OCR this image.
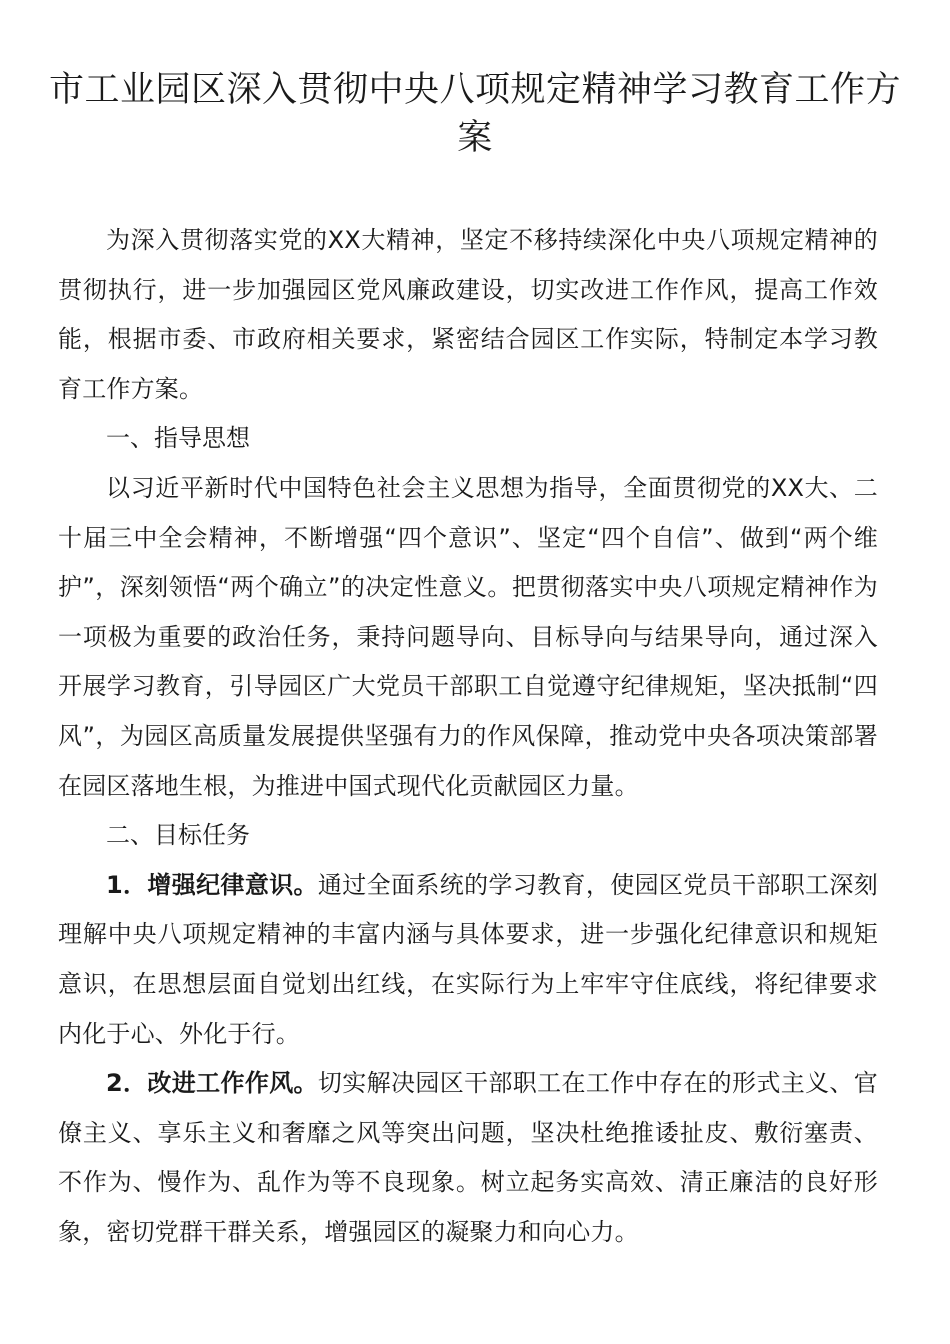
市工业园区深入贯彻中央八项规定精神学习教育工作方案

为深入贯彻落实党的XX大精神，坚定不移持续深化中央八项规定精神的贯彻执行，进一步加强园区党风廉政建设，切实改进工作作风，提高工作效能，根据市委、市政府相关要求，紧密结合园区工作实际，特制定本学习教育工作方案。

一、指导思想

以习近平新时代中国特色社会主义思想为指导，全面贯彻党的XX大、二十届三中全会精神，不断增强“四个意识”、坚定“四个自信”、做到“两个维护”，深刻领悟“两个确立”的决定性意义。把贯彻落实中央八项规定精神作为一项极为重要的政治任务，秉持问题导向、目标导向与结果导向，通过深入开展学习教育，引导园区广大党员干部职工自觉遵守纪律规矩，坚决抵制“四风”，为园区高质量发展提供坚强有力的作风保障，推动党中央各项决策部署在园区落地生根，为推进中国式现代化贡献园区力量。

二、目标任务

1．增强纪律意识。通过全面系统的学习教育，使园区党员干部职工深刻理解中央八项规定精神的丰富内涵与具体要求，进一步强化纪律意识和规矩意识，在思想层面自觉划出红线，在实际行为上牢牢守住底线，将纪律要求内化于心、外化于行。

2．改进工作作风。切实解决园区干部职工在工作中存在的形式主义、官僚主义、享乐主义和奢靡之风等突出问题，坚决杜绝推诿扯皮、敷衍塞责、不作为、慢作为、乱作为等不良现象。树立起务实高效、清正廉洁的良好形象，密切党群干群关系，增强园区的凝聚力和向心力。
